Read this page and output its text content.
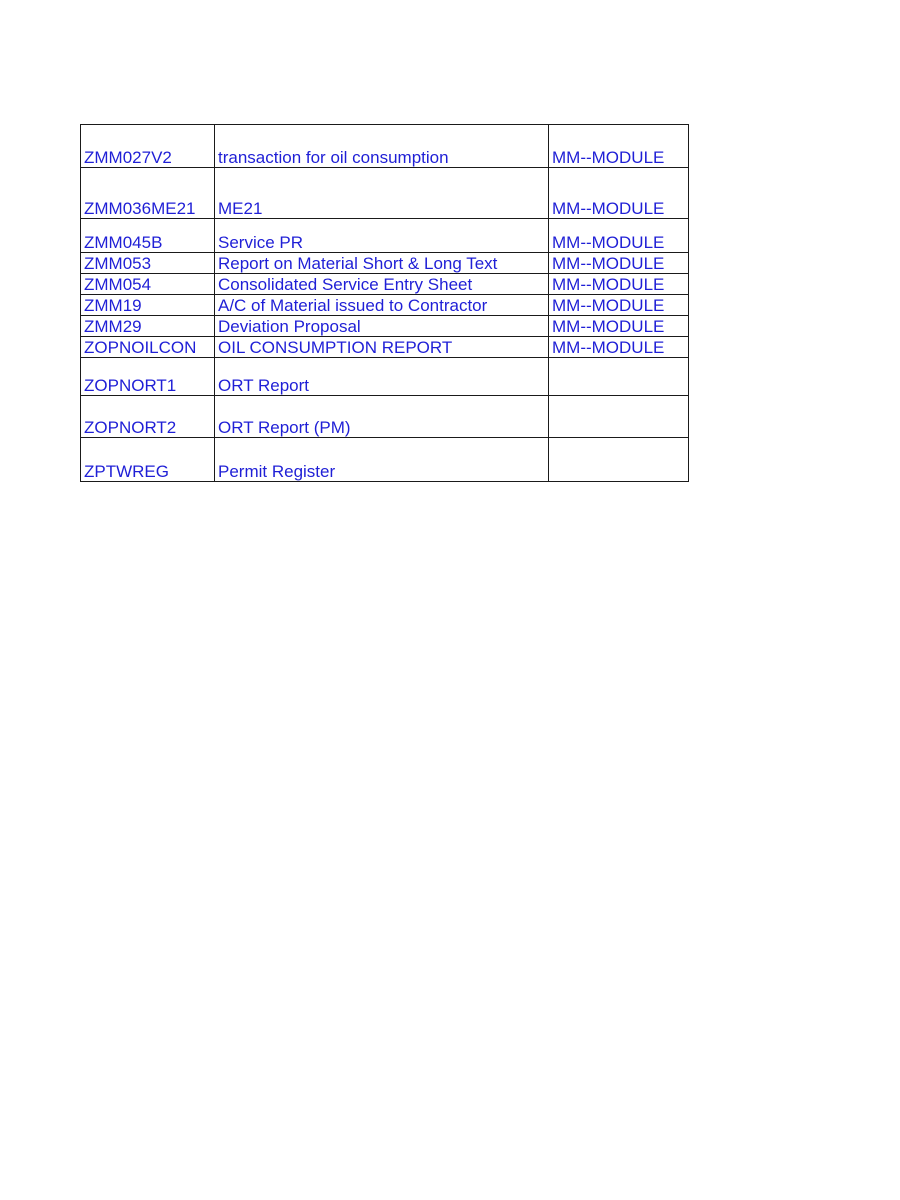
ZMM027V2	transaction for oil consumption	MM--MODULE
ZMM036ME21	ME21	MM--MODULE
ZMM045B	Service PR	MM--MODULE
ZMM053	Report on Material Short & Long Text	MM--MODULE
ZMM054	Consolidated Service Entry Sheet	MM--MODULE
ZMM19	A/C of Material issued to Contractor	MM--MODULE
ZMM29	Deviation Proposal	MM--MODULE
ZOPNOILCON	OIL CONSUMPTION REPORT	MM--MODULE
ZOPNORT1	ORT Report	
ZOPNORT2	ORT Report (PM)	
ZPTWREG	Permit Register	
